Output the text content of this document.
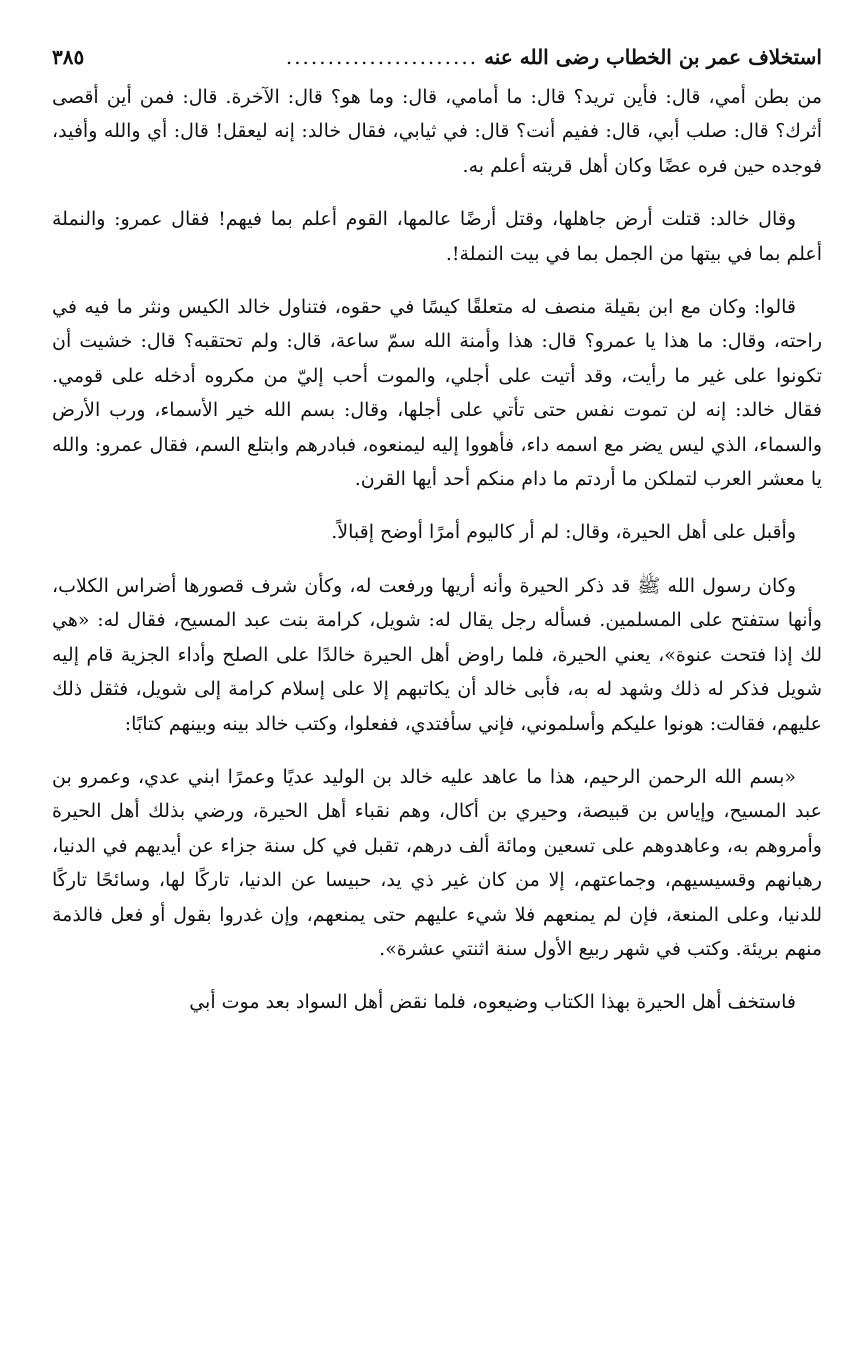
استخلاف عمر بن الخطاب رضى الله عنه
.......................
٣٨٥

من بطن أمي، قال: فأين تريد؟ قال: ما أمامي، قال: وما هو؟ قال: الآخرة. قال: فمن أين أقصى أثرك؟ قال: صلب أبي، قال: ففيم أنت؟ قال: في ثيابي، فقال خالد: إنه ليعقل! قال: أي والله وأفيد، فوجده حين فره عضًا وكان أهل قريته أعلم به.

وقال خالد: قتلت أرض جاهلها، وقتل أرضًا عالمها، القوم أعلم بما فيهم! فقال عمرو: والنملة أعلم بما في بيتها من الجمل بما في بيت النملة!.

قالوا: وكان مع ابن بقيلة منصف له متعلقًا كيسًا في حقوه، فتناول خالد الكيس ونثر ما فيه في راحته، وقال: ما هذا يا عمرو؟ قال: هذا وأمنة الله سمّ ساعة، قال: ولم تحتقبه؟ قال: خشيت أن تكونوا على غير ما رأيت، وقد أتيت على أجلي، والموت أحب إليّ من مكروه أدخله على قومي. فقال خالد: إنه لن تموت نفس حتى تأتي على أجلها، وقال: بسم الله خير الأسماء، ورب الأرض والسماء، الذي ليس يضر مع اسمه داء، فأهووا إليه ليمنعوه، فبادرهم وابتلع السم، فقال عمرو: والله يا معشر العرب لتملكن ما أردتم ما دام منكم أحد أيها القرن.

وأقبل على أهل الحيرة، وقال: لم أر كاليوم أمرًا أوضح إقبالاً.

وكان رسول الله ﷺ قد ذكر الحيرة وأنه أريها ورفعت له، وكأن شرف قصورها أضراس الكلاب، وأنها ستفتح على المسلمين. فسأله رجل يقال له: شويل، كرامة بنت عبد المسيح، فقال له: «هي لك إذا فتحت عنوة»، يعني الحيرة، فلما راوض أهل الحيرة خالدًا على الصلح وأداء الجزية قام إليه شويل فذكر له ذلك وشهد له به، فأبى خالد أن يكاتبهم إلا على إسلام كرامة إلى شويل، فثقل ذلك عليهم، فقالت: هونوا عليكم وأسلموني، فإني سأفتدي، ففعلوا، وكتب خالد بينه وبينهم كتابًا:

«بسم الله الرحمن الرحيم، هذا ما عاهد عليه خالد بن الوليد عديًا وعمرًا ابني عدي، وعمرو بن عبد المسيح، وإياس بن قبيصة، وحيري بن أكال، وهم نقباء أهل الحيرة، ورضي بذلك أهل الحيرة وأمروهم به، وعاهدوهم على تسعين ومائة ألف درهم، تقبل في كل سنة جزاء عن أيديهم في الدنيا، رهبانهم وقسيسيهم، وجماعتهم، إلا من كان غير ذي يد، حبيسا عن الدنيا، تاركًا لها، وسائحًا تاركًا للدنيا، وعلى المنعة، فإن لم يمنعهم فلا شيء عليهم حتى يمنعهم، وإن غدروا بقول أو فعل فالذمة منهم بريئة. وكتب في شهر ربيع الأول سنة اثنتي عشرة».

فاستخف أهل الحيرة بهذا الكتاب وضيعوه، فلما نقض أهل السواد بعد موت أبي
